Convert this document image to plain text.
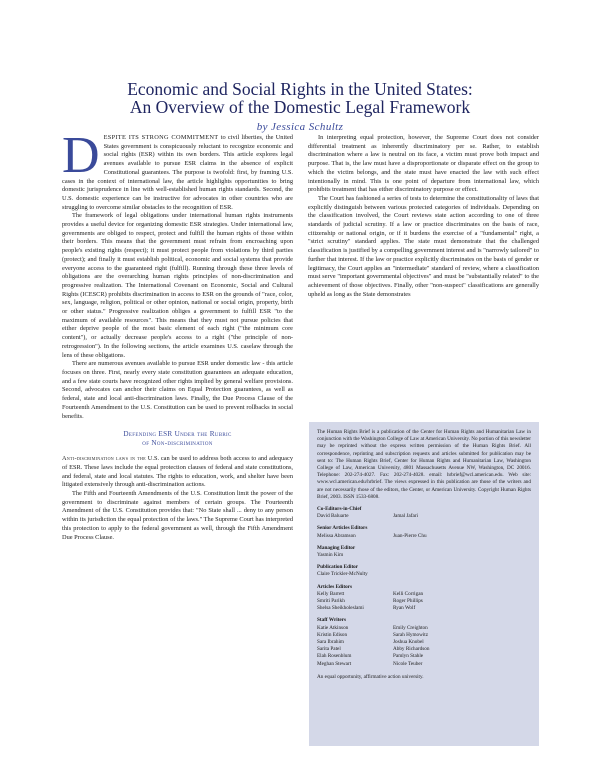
Economic and Social Rights in the United States:
An Overview of the Domestic Legal Framework
by Jessica Schultz

DESPITE ITS STRONG COMMITMENT to civil liberties, the United States government is conspicuously reluctant to recognize economic and social rights (ESR) within its own borders. This article explores legal avenues available to pursue ESR claims in the absence of explicit Constitutional guarantees. The purpose is twofold: first, by framing U.S. cases in the context of international law, the article highlights opportunities to bring domestic jurisprudence in line with well-established human rights standards. Second, the U.S. domestic experience can be instructive for advocates in other countries who are struggling to overcome similar obstacles to the recognition of ESR.

The framework of legal obligations under international human rights instruments provides a useful device for organizing domestic ESR strategies. Under international law, governments are obliged to respect, protect and fulfill the human rights of those within their borders. This means that the government must refrain from encroaching upon people's existing rights (respect); it must protect people from violations by third parties (protect); and finally it must establish political, economic and social systems that provide everyone access to the guaranteed right (fulfill). Running through these three levels of obligations are the overarching human rights principles of non-discrimination and progressive realization. The International Covenant on Economic, Social and Cultural Rights (ICESCR) prohibits discrimination in access to ESR on the grounds of "race, color, sex, language, religion, political or other opinion, national or social origin, property, birth or other status." Progressive realization obliges a government to fulfill ESR "to the maximum of available resources". This means that they must not pursue policies that either deprive people of the most basic element of each right ("the minimum core content"), or actually decrease people's access to a right ("the principle of non-retrogression"). In the following sections, the article examines U.S. caselaw through the lens of these obligations.

There are numerous avenues available to pursue ESR under domestic law - this article focuses on three. First, nearly every state constitution guarantees an adequate education, and a few state courts have recognized other rights implied by general welfare provisions. Second, advocates can anchor their claims on Equal Protection guarantees, as well as federal, state and local anti-discrimination laws. Finally, the Due Process Clause of the Fourteenth Amendment to the U.S. Constitution can be used to prevent rollbacks in social benefits.

Defending ESR Under the Rubric
of Non-discrimination

Anti-discrimination laws in the U.S. can be used to address both access to and adequacy of ESR. These laws include the equal protection clauses of federal and state constitutions, and federal, state and local statutes. The rights to education, work, and shelter have been litigated extensively through anti-discrimination actions.

The Fifth and Fourteenth Amendments of the U.S. Constitution limit the power of the government to discriminate against members of certain groups. The Fourteenth Amendment of the U.S. Constitution provides that: "No State shall ... deny to any person within its jurisdiction the equal protection of the laws." The Supreme Court has interpreted this protection to apply to the federal government as well, through the Fifth Amendment Due Process Clause.

In interpreting equal protection, however, the Supreme Court does not consider differential treatment as inherently discriminatory per se. Rather, to establish discrimination where a law is neutral on its face, a victim must prove both impact and purpose. That is, the law must have a disproportionate or disparate effect on the group to which the victim belongs, and the state must have enacted the law with such effect intentionally in mind. This is one point of departure from international law, which prohibits treatment that has either discriminatory purpose or effect.

The Court has fashioned a series of tests to determine the constitutionality of laws that explicitly distinguish between various protected categories of individuals. Depending on the classification involved, the Court reviews state action according to one of three standards of judicial scrutiny. If a law or practice discriminates on the basis of race, citizenship or national origin, or if it burdens the exercise of a "fundamental" right, a "strict scrutiny" standard applies. The state must demonstrate that the challenged classification is justified by a compelling government interest and is "narrowly tailored" to further that interest. If the law or practice explicitly discriminates on the basis of gender or legitimacy, the Court applies an "intermediate" standard of review, where a classification must serve "important governmental objectives" and must be "substantially related" to the achievement of those objectives. Finally, other "non-suspect" classifications are generally upheld as long as the State demonstrates

The Human Rights Brief is a publication of the Center for Human Rights and Humanitarian Law in conjunction with the Washington College of Law at American University. No portion of this newsletter may be reprinted without the express written permission of the Human Rights Brief. All correspondence, reprinting and subscription requests and articles submitted for publication may be sent to: The Human Rights Brief, Center for Human Rights and Humanitarian Law, Washington College of Law, American University, 4801 Massachusetts Avenue NW, Washington, DC 20016. Telephone: 202-274-4027. Fax: 202-274-4028. email: hrbrief@wcl.american.edu. Web site: www.wcl.american.edu/hrbrief. The views expressed in this publication are those of the writers and are not necessarily those of the editors, the Center, or American University. Copyright Human Rights Brief, 2003. ISSN 1533-6808.

Co-Editors-in-Chief
David Baluarte	Jamal Jafari
Senior Articles Editors
Melissa Abramson	Juan-Pierre Chu
Managing Editor
Yasmin Kim
Publication Editor
Claire Trickler-McNulty
Articles Editors
Kelly Barrett	Kelli Corrigan
Smriti Parikh	Roger Phillips
Shelsa Sheikholeslami	Ryan Wolf
Staff Writers
Katie Atkinson	Emily Creighton
Kristin Edison	Sarah Hymowitz
Sara Ibrahim	Joshua Knobel
Sarita Patel	Abby Richardson
Elah Rosenblum	Pamlyn Stahle
Meghan Stewart	Nicole Teuber
An equal opportunity, affirmative action university.
